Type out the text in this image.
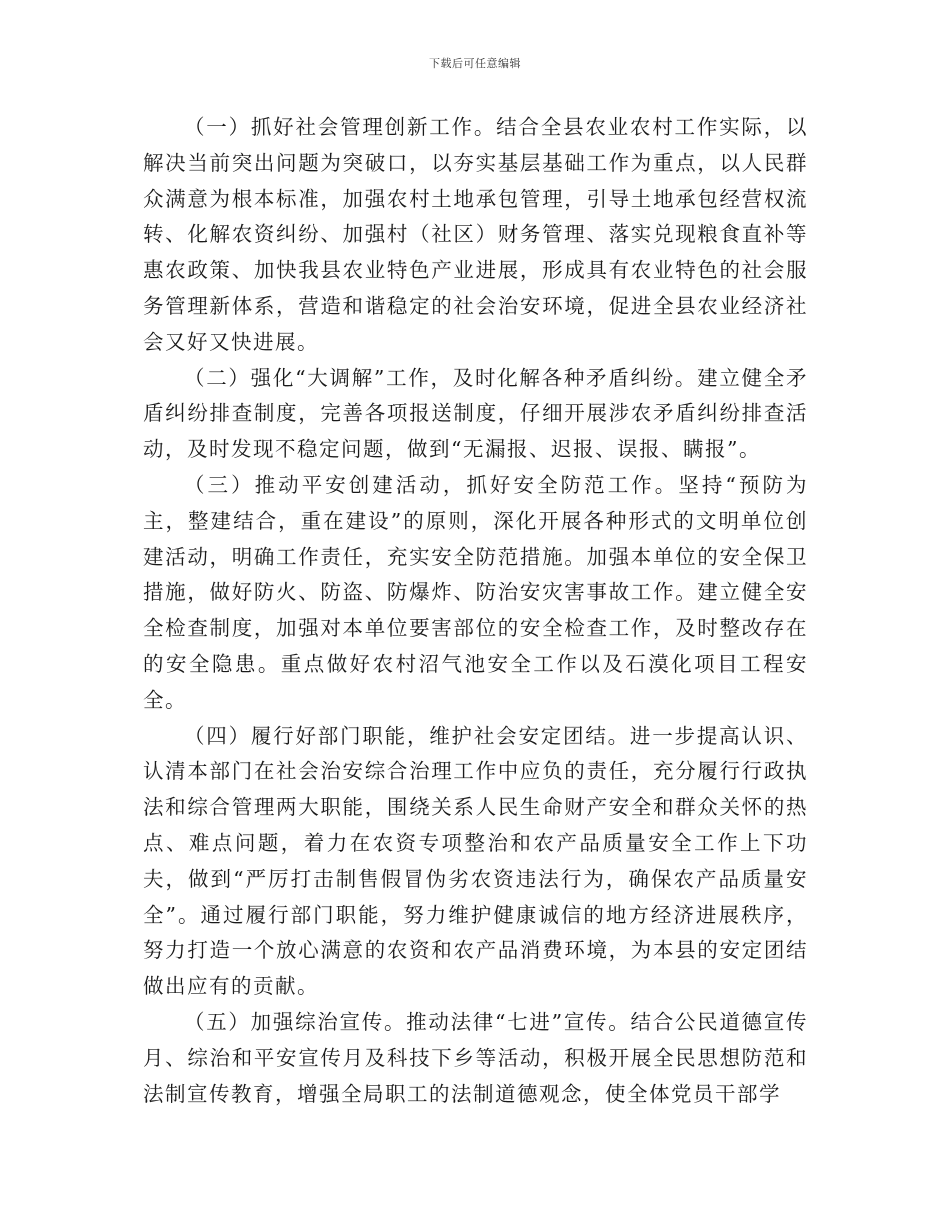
下载后可任意编辑

（一）抓好社会管理创新工作。结合全县农业农村工作实际，以解决当前突出问题为突破口，以夯实基层基础工作为重点，以人民群众满意为根本标准，加强农村土地承包管理，引导土地承包经营权流转、化解农资纠纷、加强村（社区）财务管理、落实兑现粮食直补等惠农政策、加快我县农业特色产业进展，形成具有农业特色的社会服务管理新体系，营造和谐稳定的社会治安环境，促进全县农业经济社会又好又快进展。

（二）强化“大调解”工作，及时化解各种矛盾纠纷。建立健全矛盾纠纷排查制度，完善各项报送制度，仔细开展涉农矛盾纠纷排查活动，及时发现不稳定问题，做到“无漏报、迟报、误报、瞒报”。

（三）推动平安创建活动，抓好安全防范工作。坚持“预防为主，整建结合，重在建设”的原则，深化开展各种形式的文明单位创建活动，明确工作责任，充实安全防范措施。加强本单位的安全保卫措施，做好防火、防盗、防爆炸、防治安灾害事故工作。建立健全安全检查制度，加强对本单位要害部位的安全检查工作，及时整改存在的安全隐患。重点做好农村沼气池安全工作以及石漠化项目工程安全。

（四）履行好部门职能，维护社会安定团结。进一步提高认识、认清本部门在社会治安综合治理工作中应负的责任，充分履行行政执法和综合管理两大职能，围绕关系人民生命财产安全和群众关怀的热点、难点问题，着力在农资专项整治和农产品质量安全工作上下功夫，做到“严厉打击制售假冒伪劣农资违法行为，确保农产品质量安全”。通过履行部门职能，努力维护健康诚信的地方经济进展秩序，努力打造一个放心满意的农资和农产品消费环境，为本县的安定团结做出应有的贡献。

（五）加强综治宣传。推动法律“七进”宣传。结合公民道德宣传月、综治和平安宣传月及科技下乡等活动，积极开展全民思想防范和法制宣传教育，增强全局职工的法制道德观念，使全体党员干部学
